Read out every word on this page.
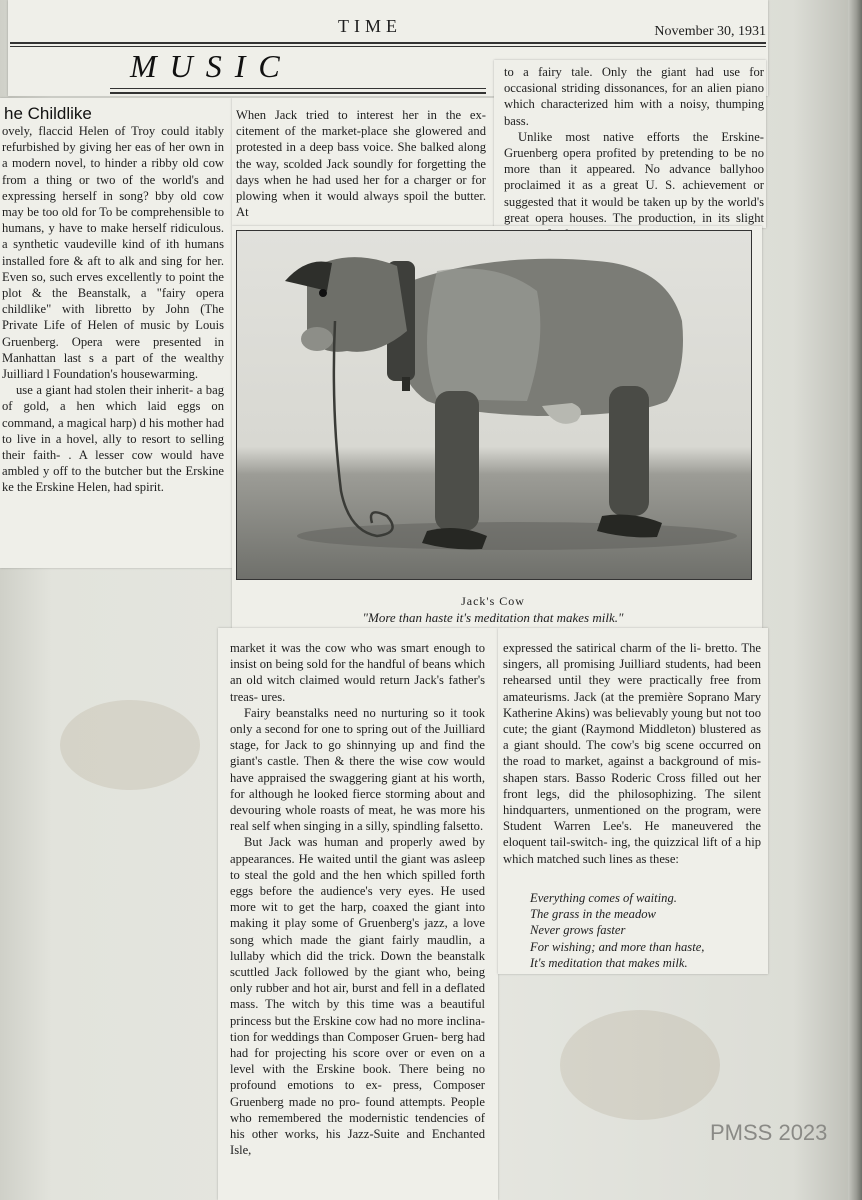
TIME	November 30, 1931
MUSIC
he Childlike

ovely, flaccid Helen of Troy could itably refurbished by giving her eas of her own in a modern novel, to hinder a ribby old cow from a thing or two of the world's and expressing herself in song? bby old cow may be too old for To be comprehensible to humans, y have to make herself ridiculous. a synthetic vaudeville kind of ith humans installed fore & aft to alk and sing for her. Even so, such erves excellently to point the plot & the Beanstalk, a "fairy opera childlike" with libretto by John (The Private Life of Helen of music by Louis Gruenberg. Opera were presented in Manhattan last s a part of the wealthy Juilliard l Foundation's housewarming.

use a giant had stolen their inherit- a bag of gold, a hen which laid eggs on command, a magical harp) d his mother had to live in a hovel, ally to resort to selling their faith- . A lesser cow would have ambled y off to the butcher but the Erskine ke the Erskine Helen, had spirit.

When Jack tried to interest her in the ex- citement of the market-place she glowered and protested in a deep bass voice. She balked along the way, scolded Jack soundly for forgetting the days when he had used her for a charger or for plowing when it would always spoil the butter. At

to a fairy tale. Only the giant had use for occasional striding dissonances, for an alien piano which characterized him with a noisy, thumping bass.

Unlike most native efforts the Erskine- Gruenberg opera profited by pretending to be no more than it appeared. No advance ballyhoo proclaimed it as a great U. S. achievement or suggested that it would be taken up by the world's great opera houses. The production, in its slight

Jack's Cow
"More than haste it's meditation that makes milk."

market it was the cow who was smart enough to insist on being sold for the handful of beans which an old witch claimed would return Jack's father's treas- ures.

Fairy beanstalks need no nurturing so it took only a second for one to spring out of the Juilliard stage, for Jack to go shinnying up and find the giant's castle. Then & there the wise cow would have appraised the swaggering giant at his worth, for although he looked fierce storming about and devouring whole roasts of meat, he was more his real self when singing in a silly, spindling falsetto.

But Jack was human and properly awed by appearances. He waited until the giant was asleep to steal the gold and the hen which spilled forth eggs before the audience's very eyes. He used more wit to get the harp, coaxed the giant into making it play some of Gruenberg's jazz, a love song which made the giant fairly maudlin, a lullaby which did the trick. Down the beanstalk scuttled Jack followed by the giant who, being only rubber and hot air, burst and fell in a deflated mass. The witch by this time was a beautiful princess but the Erskine cow had no more inclina- tion for weddings than Composer Gruen- berg had had for projecting his score over or even on a level with the Erskine book. There being no profound emotions to ex- press, Composer Gruenberg made no pro- found attempts. People who remembered the modernistic tendencies of his other works, his Jazz-Suite and Enchanted Isle,

expressed the satirical charm of the li- bretto. The singers, all promising Juilliard students, had been rehearsed until they were practically free from amateurisms. Jack (at the première Soprano Mary Katherine Akins) was believably young but not too cute; the giant (Raymond Middleton) blustered as a giant should. The cow's big scene occurred on the road to market, against a background of mis- shapen stars. Basso Roderic Cross filled out her front legs, did the philosophizing. The silent hindquarters, unmentioned on the program, were Student Warren Lee's. He maneuvered the eloquent tail-switch- ing, the quizzical lift of a hip which matched such lines as these:

Everything comes of waiting.
The grass in the meadow
Never grows faster
For wishing; and more than haste,
It's meditation that makes milk.
PMSS 2023
